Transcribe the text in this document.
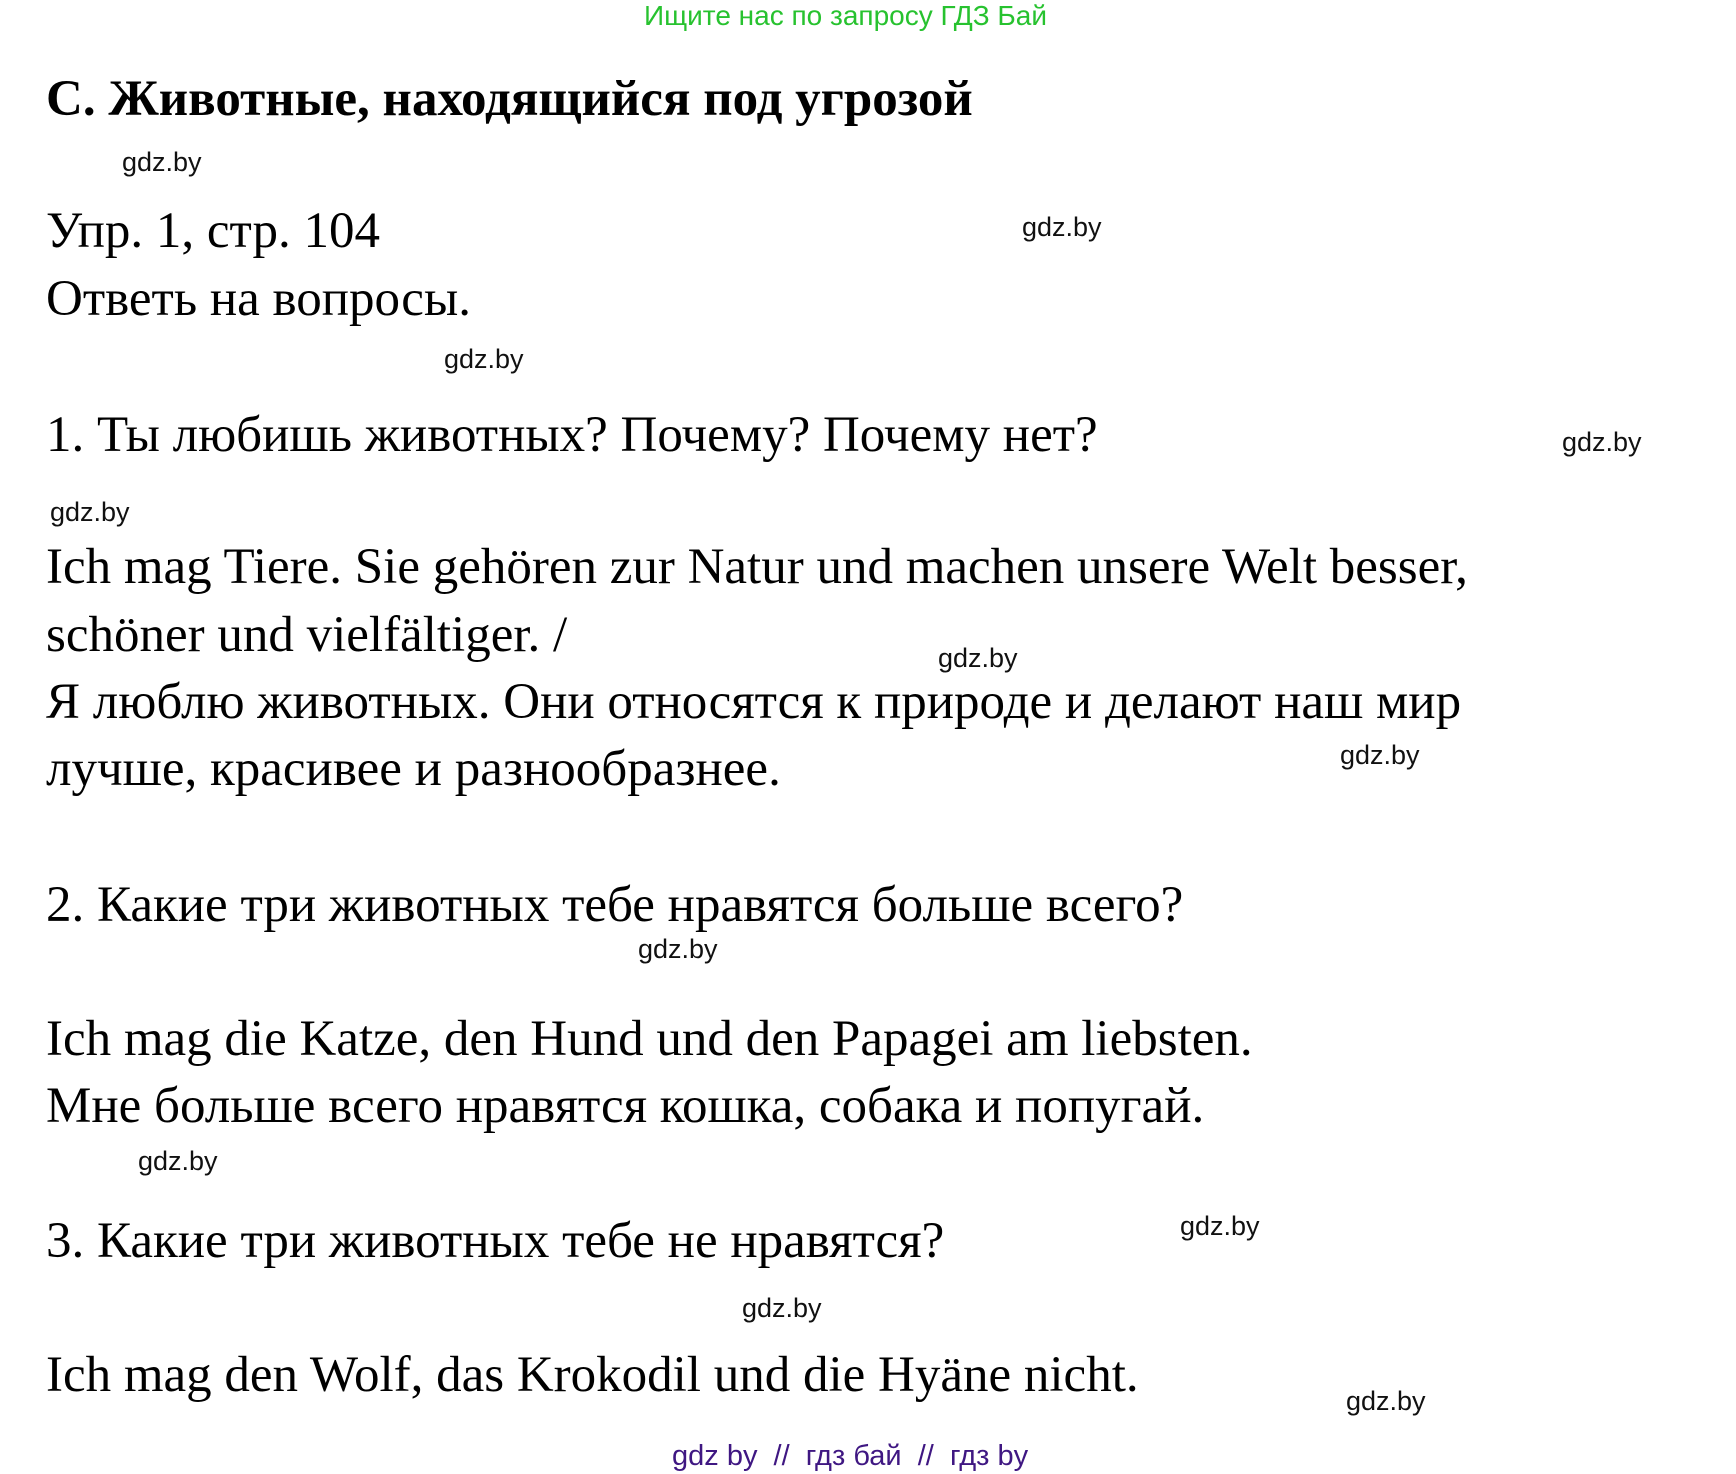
Ищите нас по запросу ГДЗ Бай
C. Животные, находящийся под угрозой
gdz.by
Упр. 1, стр. 104	gdz.by
Ответь на вопросы.
gdz.by
1. Ты любишь животных? Почему? Почему нет?	gdz.by
gdz.by
Ich mag Tiere. Sie gehören zur Natur und machen unsere Welt besser,
schöner und vielfältiger. /	gdz.by
Я люблю животных. Они относятся к природе и делают наш мир
gdz.by
лучше, красивее и разнообразнее.
2. Какие три животных тебе нравятся больше всего?
gdz.by
Ich mag die Katze, den Hund und den Papagei am liebsten.
Мне больше всего нравятся кошка, собака и попугай.
gdz.by
gdz.by
3. Какие три животных тебе не нравятся?
gdz.by
Ich mag den Wolf, das Krokodil und die Hyäne nicht.	gdz.by
gdz by  //  гдз бай  //  гдз by
